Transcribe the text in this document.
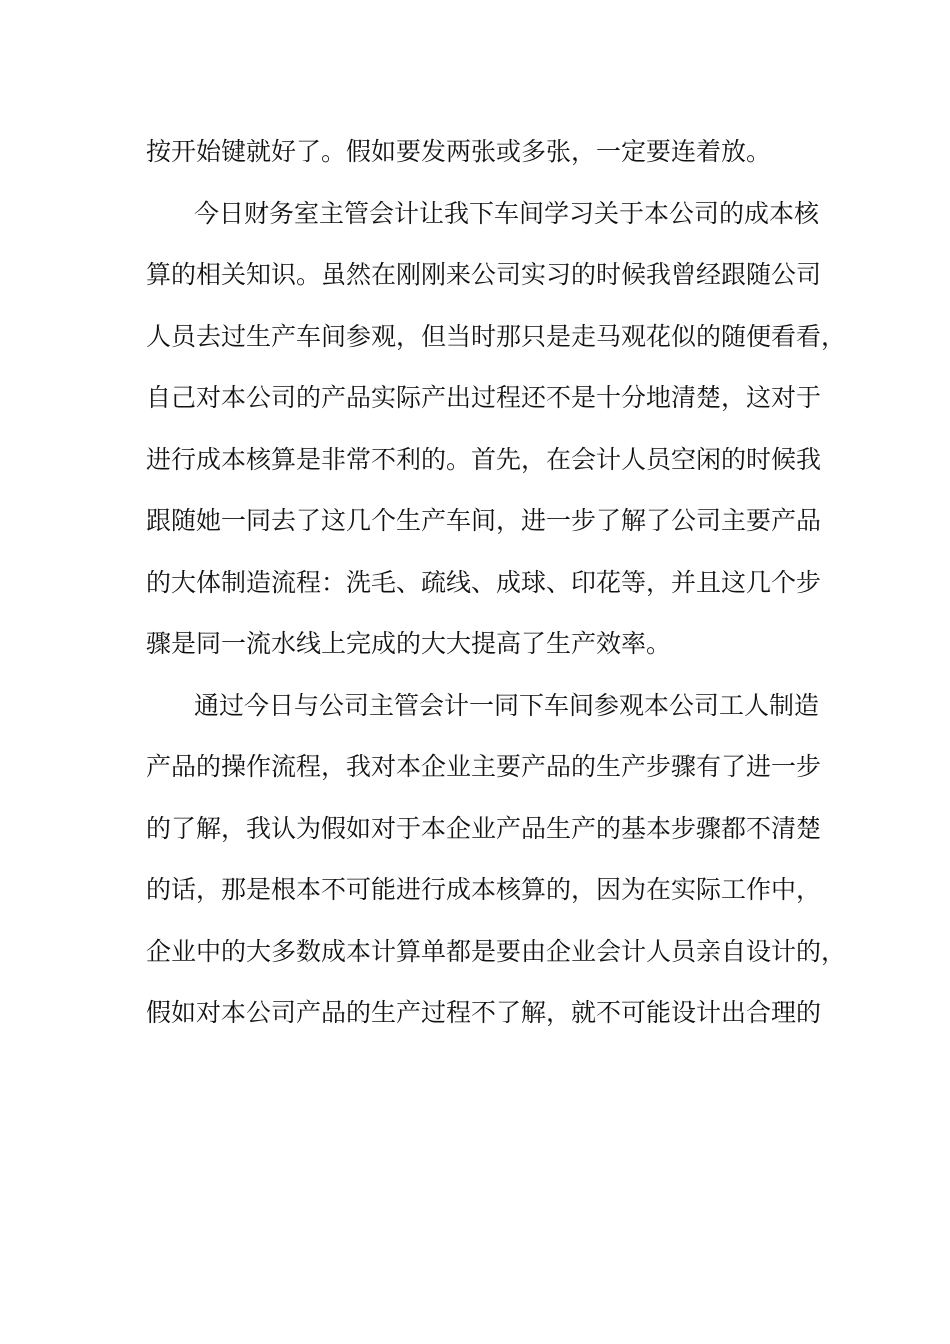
按开始键就好了。假如要发两张或多张，一定要连着放。
今日财务室主管会计让我下车间学习关于本公司的成本核
算的相关知识。虽然在刚刚来公司实习的时候我曾经跟随公司
人员去过生产车间参观，但当时那只是走马观花似的随便看看，
自己对本公司的产品实际产出过程还不是十分地清楚，这对于
进行成本核算是非常不利的。首先，在会计人员空闲的时候我
跟随她一同去了这几个生产车间，进一步了解了公司主要产品
的大体制造流程：洗毛、疏线、成球、印花等，并且这几个步
骤是同一流水线上完成的大大提高了生产效率。
通过今日与公司主管会计一同下车间参观本公司工人制造
产品的操作流程，我对本企业主要产品的生产步骤有了进一步
的了解，我认为假如对于本企业产品生产的基本步骤都不清楚
的话，那是根本不可能进行成本核算的，因为在实际工作中，
企业中的大多数成本计算单都是要由企业会计人员亲自设计的，
假如对本公司产品的生产过程不了解，就不可能设计出合理的
